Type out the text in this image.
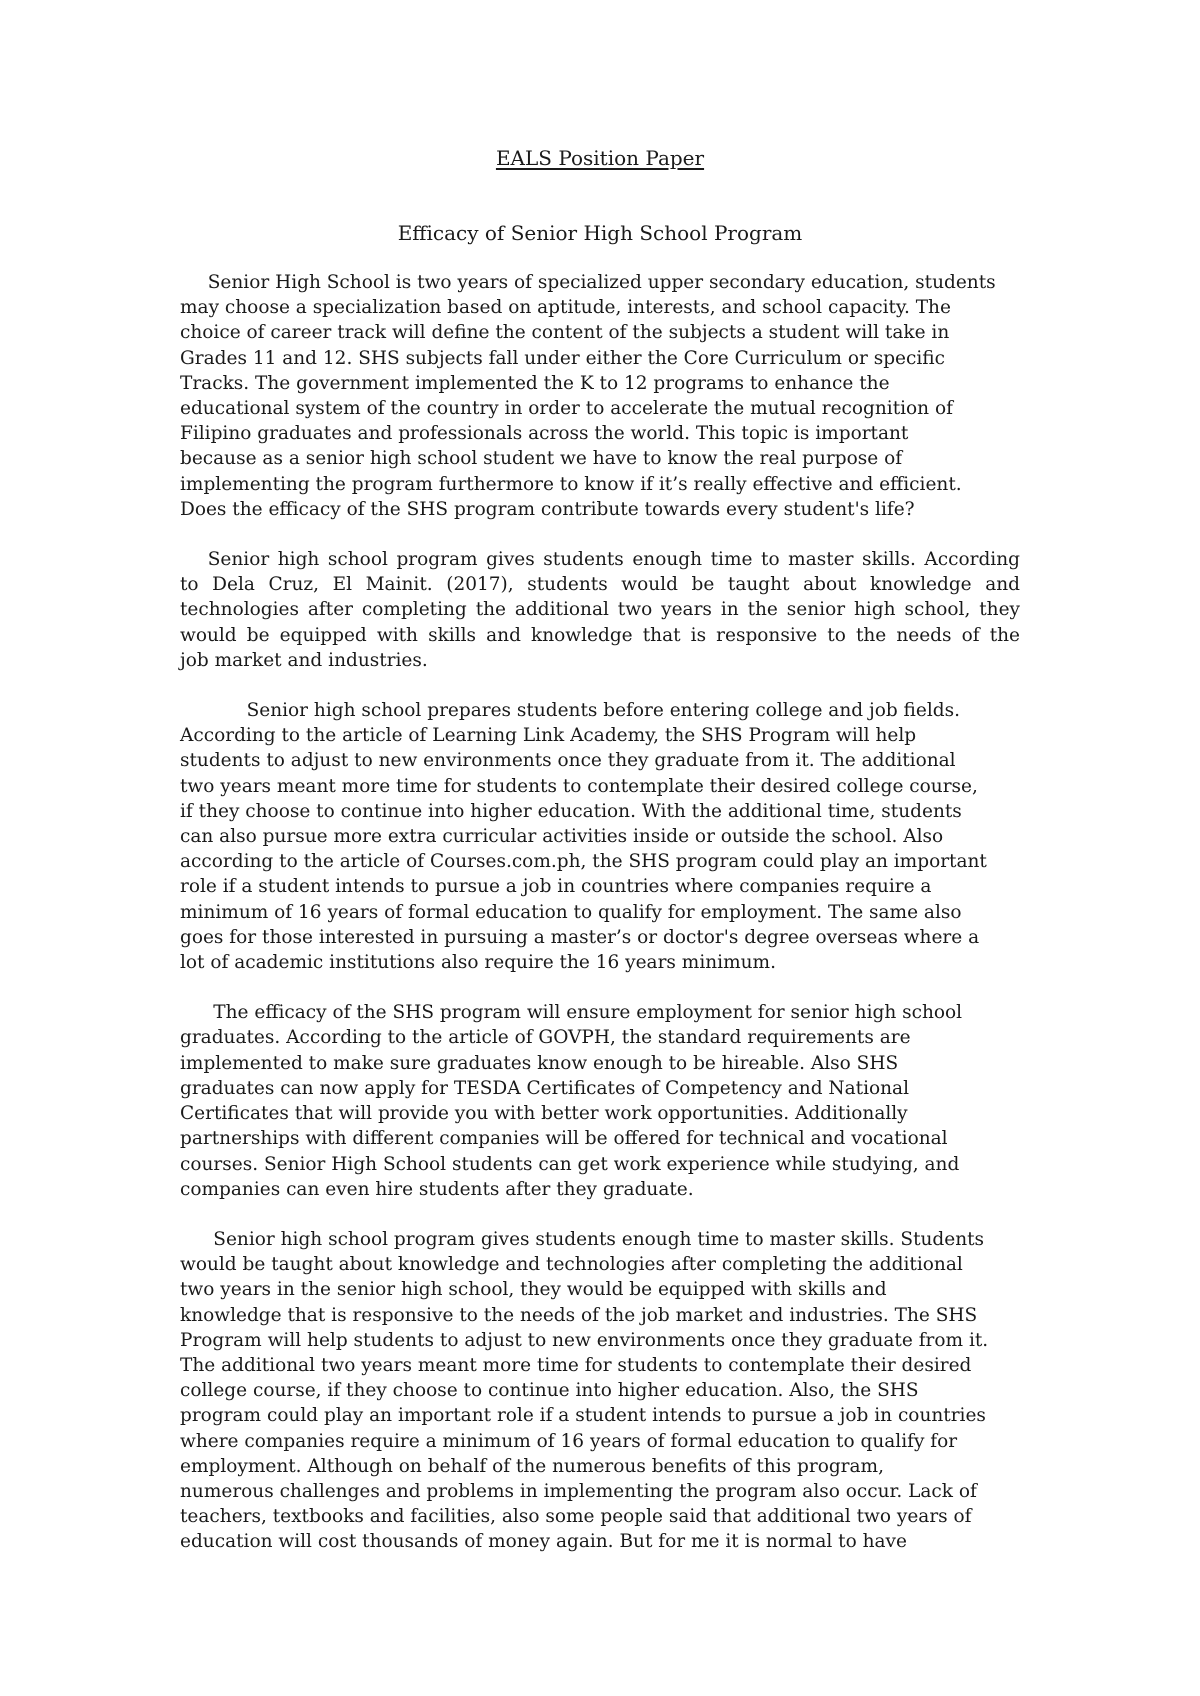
EALS Position Paper
Efficacy of Senior High School Program

Senior High School is two years of specialized upper secondary education, students
may choose a specialization based on aptitude, interests, and school capacity. The
choice of career track will define the content of the subjects a student will take in
Grades 11 and 12. SHS subjects fall under either the Core Curriculum or specific
Tracks. The government implemented the K to 12 programs to enhance the
educational system of the country in order to accelerate the mutual recognition of
Filipino graduates and professionals across the world. This topic is important
because as a senior high school student we have to know the real purpose of
implementing the program furthermore to know if it’s really effective and efficient.
Does the efficacy of the SHS program contribute towards every student's life?

Senior high school program gives students enough time to master skills. According
to Dela Cruz, El Mainit. (2017), students would be taught about knowledge and
technologies after completing the additional two years in the senior high school, they
would be equipped with skills and knowledge that is responsive to the needs of the
job market and industries.

Senior high school prepares students before entering college and job fields.
According to the article of Learning Link Academy, the SHS Program will help
students to adjust to new environments once they graduate from it. The additional
two years meant more time for students to contemplate their desired college course,
if they choose to continue into higher education. With the additional time, students
can also pursue more extra curricular activities inside or outside the school. Also
according to the article of Courses.com.ph, the SHS program could play an important
role if a student intends to pursue a job in countries where companies require a
minimum of 16 years of formal education to qualify for employment. The same also
goes for those interested in pursuing a master’s or doctor's degree overseas where a
lot of academic institutions also require the 16 years minimum.

The efficacy of the SHS program will ensure employment for senior high school
graduates. According to the article of GOVPH, the standard requirements are
implemented to make sure graduates know enough to be hireable. Also SHS
graduates can now apply for TESDA Certificates of Competency and National
Certificates that will provide you with better work opportunities. Additionally
partnerships with different companies will be offered for technical and vocational
courses. Senior High School students can get work experience while studying, and
companies can even hire students after they graduate.

Senior high school program gives students enough time to master skills. Students
would be taught about knowledge and technologies after completing the additional
two years in the senior high school, they would be equipped with skills and
knowledge that is responsive to the needs of the job market and industries. The SHS
Program will help students to adjust to new environments once they graduate from it.
The additional two years meant more time for students to contemplate their desired
college course, if they choose to continue into higher education. Also, the SHS
program could play an important role if a student intends to pursue a job in countries
where companies require a minimum of 16 years of formal education to qualify for
employment. Although on behalf of the numerous benefits of this program,
numerous challenges and problems in implementing the program also occur. Lack of
teachers, textbooks and facilities, also some people said that additional two years of
education will cost thousands of money again. But for me it is normal to have
